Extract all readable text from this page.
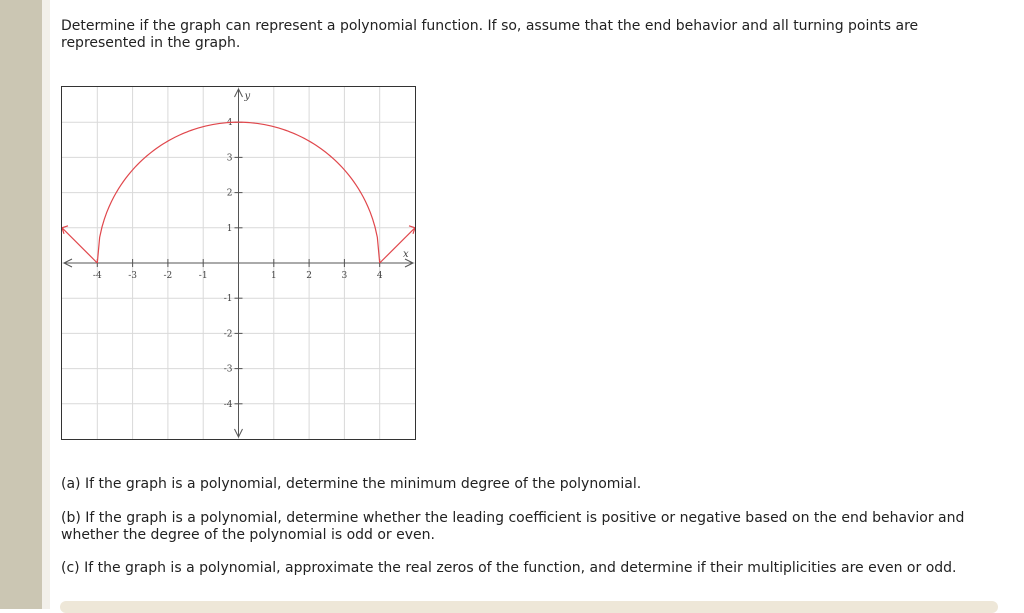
Determine if the graph can represent a polynomial function. If so, assume that the end behavior and all turning points are represented in the graph.

x
y
-4	-3	-2	-1	1	2	3	4
4
3
2
1
-1
-2
-3
-4

(a) If the graph is a polynomial, determine the minimum degree of the polynomial.

(b) If the graph is a polynomial, determine whether the leading coefficient is positive or negative based on the end behavior and whether the degree of the polynomial is odd or even.

(c) If the graph is a polynomial, approximate the real zeros of the function, and determine if their multiplicities are even or odd.
